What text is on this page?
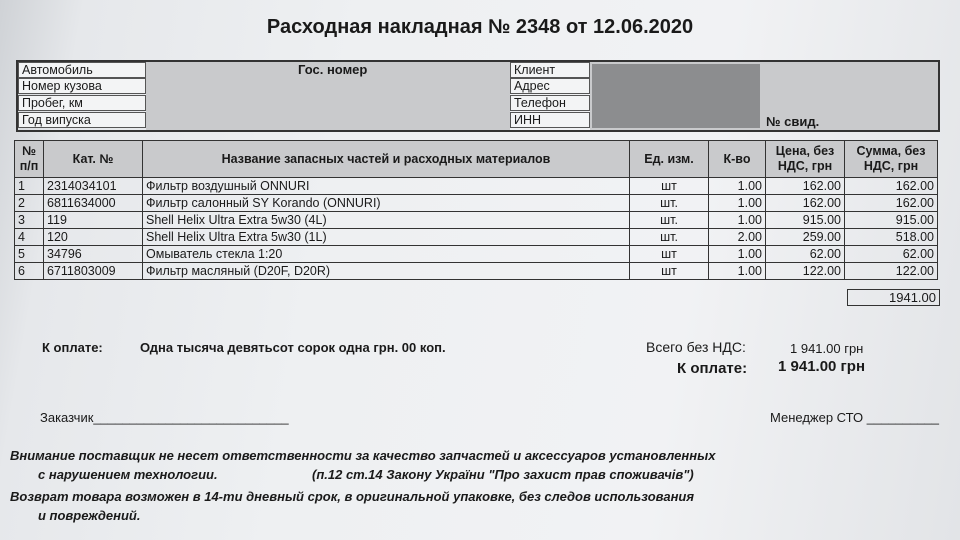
Расходная накладная № 2348 от 12.06.2020
Автомобиль
Номер кузова
Пробег, км
Год випуска
Гос. номер	Клиент
Адрес
Телефон
ИНН	№ свид.
№ п/п	Кат. №	Название запасных частей и расходных материалов	Ед. изм.	К-во	Цена, без НДС, грн	Сумма, без НДС, грн
1	2314034101	Фильтр воздушный ONNURI	шт	1.00	162.00	162.00
2	6811634000	Фильтр салонный SY Korando (ONNURI)	шт.	1.00	162.00	162.00
3	119	Shell Helix Ultra Extra 5w30 (4L)	шт.	1.00	915.00	915.00
4	120	Shell Helix Ultra Extra 5w30 (1L)	шт.	2.00	259.00	518.00
5	34796	Омыватель стекла 1:20	шт	1.00	62.00	62.00
6	6711803009	Фильтр масляный (D20F, D20R)	шт	1.00	122.00	122.00
1941.00
К оплате:	Одна тысяча девятьсот сорок одна грн. 00 коп.	Всего без НДС:	1 941.00 грн
К оплате: 1 941.00 грн
Заказчик___________________________	Менеджер СТО __________
Внимание поставщик не несет ответственности за качество запчастей и аксессуаров установленных
с нарушением технологии.	(п.12 ст.14 Закону України "Про захист прав споживачів")
Возврат товара возможен в 14-ти дневный срок, в оригинальной упаковке, без следов использования
и повреждений.
